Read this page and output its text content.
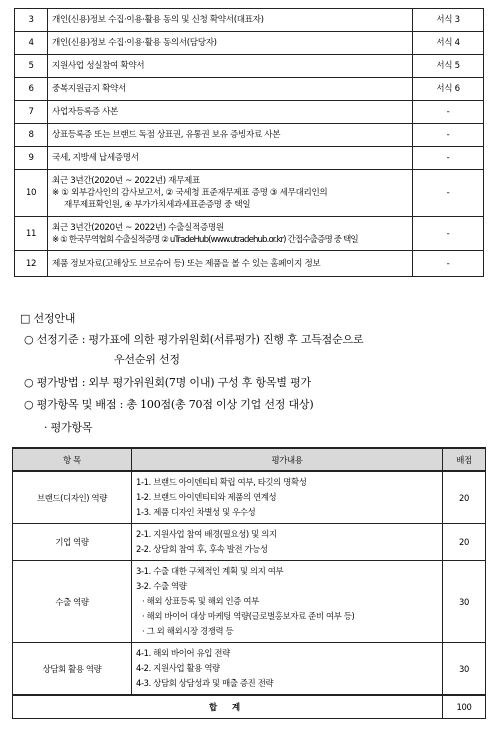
3	개인(신용)정보 수집·이용·활용 동의 및 신청 확약서(대표자)	서식 3
4	개인(신용)정보 수집·이용·활용 동의서(담당자)	서식 4
5	지원사업 성실참여 확약서	서식 5
6	중복지원금지 확약서	서식 6
7	사업자등록증 사본	-
8	상표등록증 또는 브랜드 독점 상표권, 유통권 보유 증빙자료 사본	-
9	국세, 지방세 납세증명서	-
10	최근 3년간(2020년 ~ 2022년) 재무제표
※ ① 외부감사인의 감사보고서, ② 국세청 표준재무제표 증명 ③ 세무대리인의
재무제표확인원, ④ 부가가치세과세표준증명 중 택일	-
11	최근 3년간(2020년 ~ 2022년) 수출실적증명원
※ ① 한국무역협회 수출실적증명 ② uTradeHub(www.utradehub.or.kr) 간접수출증명 중 택일	-
12	제품 정보자료(고해상도 브로슈어 등) 또는 제품을 볼 수 있는 홈페이지 정보	-
□ 선정안내
○ 선정기준 : 평가표에 의한 평가위원회(서류평가) 진행 후 고득점순으로
우선순위 선정
○ 평가방법 : 외부 평가위원회(7명 이내) 구성 후 항목별 평가
○ 평가항목 및 배점 : 총 100점(총 70점 이상 기업 선정 대상)
· 평가항목
항 목	평가내용	배점
브랜드(디자인) 역량	1-1. 브랜드 아이덴티티 확립 여부, 타깃의 명확성
1-2. 브랜드 아이덴티티와 제품의 연계성
1-3. 제품 디자인 차별성 및 우수성	20
기업 역량	2-1. 지원사업 참여 배경(필요성) 및 의지
2-2. 상담회 참여 후, 후속 발전 가능성	20
수출 역량	3-1. 수출 대한 구체적인 계획 및 의지 여부
3-2. 수출 역량
· 해외 상표등록 및 해외 인증 여부
· 해외 바이어 대상 마케팅 역량(글로벌홍보자료 준비 여부 등)
· 그 외 해외시장 경쟁력 등	30
상담회 활용 역량	4-1. 해외 바이어 유입 전략
4-2. 지원사업 활용 역량
4-3. 상담회 상담성과 및 매출 증진 전략	30
합 계		100
